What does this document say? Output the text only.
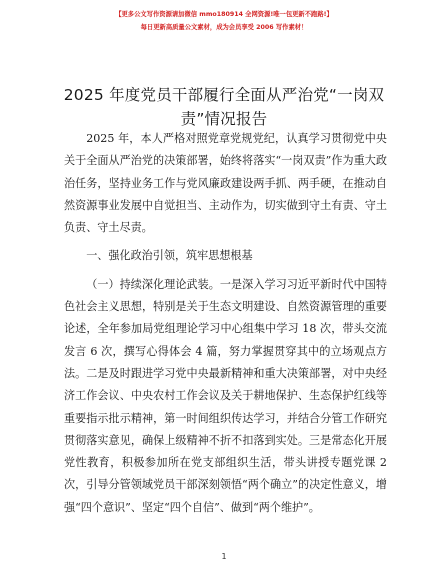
【更多公文写作资源请加微信 mmo180914 全网资源!唯一包更新不跑路!】
每日更新高质量公文素材，成为会员享受 2006 写作素材！
2025 年度党员干部履行全面从严治党“一岗双责”情况报告

2025 年，本人严格对照党章党规党纪，认真学习贯彻党中央关于全面从严治党的决策部署，始终将落实“一岗双责”作为重大政治任务，坚持业务工作与党风廉政建设两手抓、两手硬，在推动自然资源事业发展中自觉担当、主动作为，切实做到守土有责、守土负责、守土尽责。

一、强化政治引领，筑牢思想根基

（一）持续深化理论武装。一是深入学习习近平新时代中国特色社会主义思想，特别是关于生态文明建设、自然资源管理的重要论述，全年参加局党组理论学习中心组集中学习 18 次，带头交流发言 6 次，撰写心得体会 4 篇，努力掌握贯穿其中的立场观点方法。二是及时跟进学习党中央最新精神和重大决策部署，对中央经济工作会议、中央农村工作会议及关于耕地保护、生态保护红线等重要指示批示精神，第一时间组织传达学习，并结合分管工作研究贯彻落实意见，确保上级精神不折不扣落到实处。三是常态化开展党性教育，积极参加所在党支部组织生活，带头讲授专题党课 2 次，引导分管领域党员干部深刻领悟“两个确立”的决定性意义，增强“四个意识”、坚定“四个自信”、做到“两个维护”。

1
